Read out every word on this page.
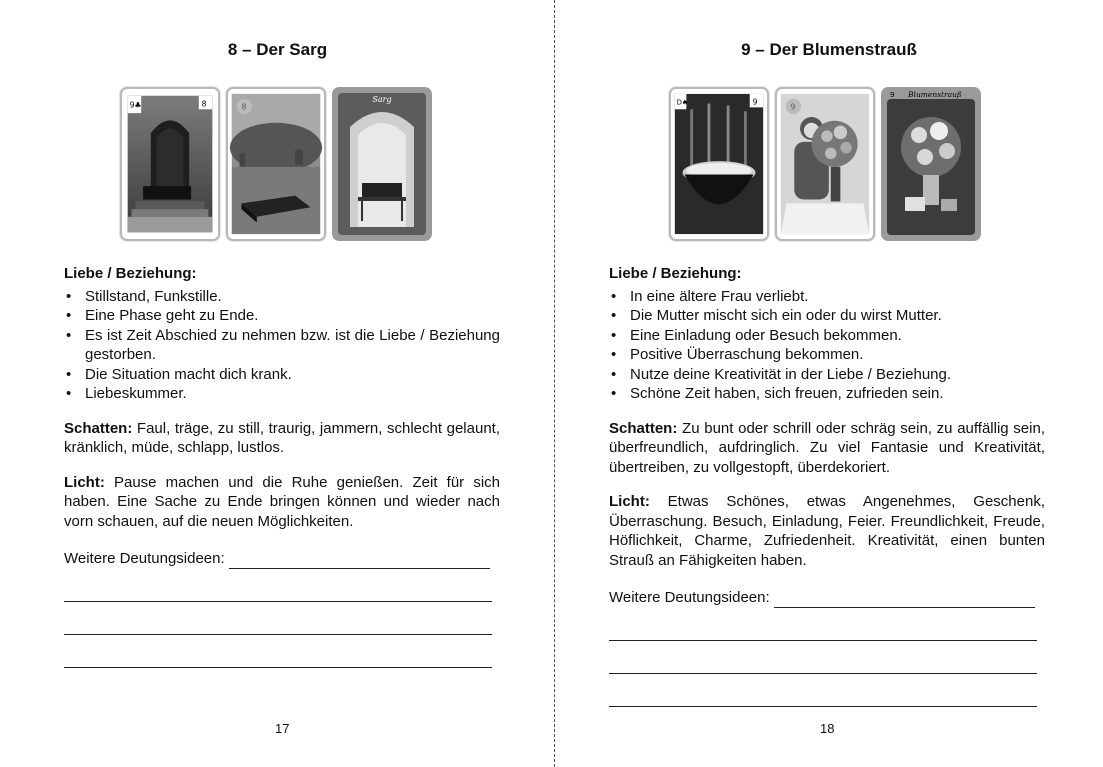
8 – Der Sarg
9♣	8	8
Sarg
Liebe / Beziehung:
• Stillstand, Funkstille.
• Eine Phase geht zu Ende.
• Es ist Zeit Abschied zu nehmen bzw. ist die Liebe / Beziehung gestorben.
• Die Situation macht dich krank.
• Liebeskummer.

Schatten: Faul, träge, zu still, traurig, jammern, schlecht gelaunt, kränklich, müde, schlapp, lustlos.

Licht: Pause machen und die Ruhe genießen. Zeit für sich haben. Eine Sache zu Ende bringen können und wieder nach vorn schauen, auf die neuen Möglichkeiten.

Weitere Deutungsideen:
17
9 – Der Blumenstrauß
D♠	9
9
9 Blumenstrauß
Liebe / Beziehung:
• In eine ältere Frau verliebt.
• Die Mutter mischt sich ein oder du wirst Mutter.
• Eine Einladung oder Besuch bekommen.
• Positive Überraschung bekommen.
• Nutze deine Kreativität in der Liebe / Beziehung.
• Schöne Zeit haben, sich freuen, zufrieden sein.

Schatten: Zu bunt oder schrill oder schräg sein, zu auffällig sein, überfreundlich, aufdringlich. Zu viel Fantasie und Kreativität, übertreiben, zu vollgestopft, überdekoriert.

Licht: Etwas Schönes, etwas Angenehmes, Geschenk, Überraschung. Besuch, Einladung, Feier. Freundlichkeit, Freude, Höflichkeit, Charme, Zufriedenheit. Kreativität, einen bunten Strauß an Fähigkeiten haben.

Weitere Deutungsideen:
18
